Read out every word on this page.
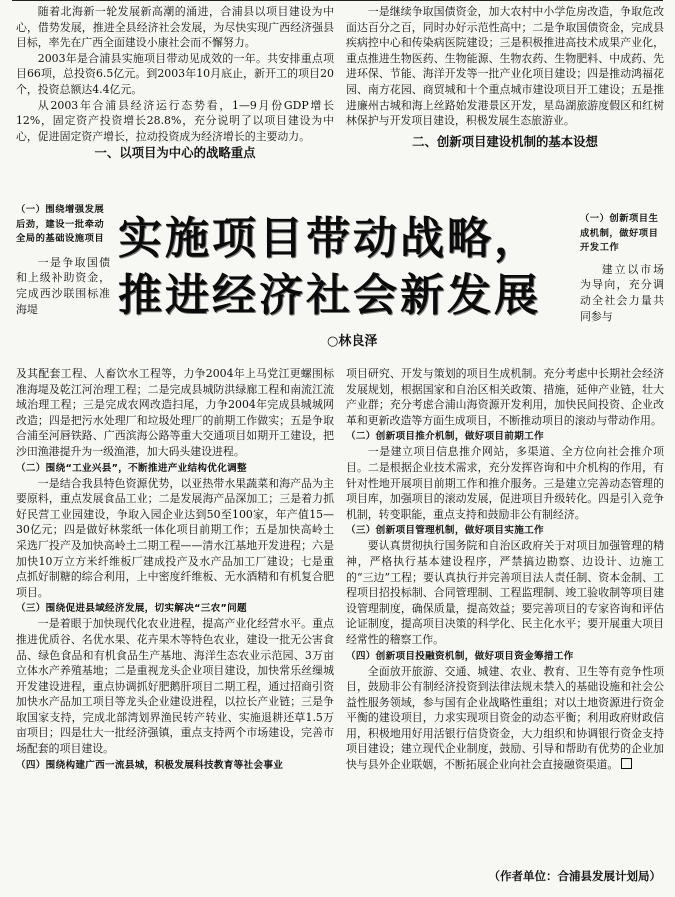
随着北海新一轮发展新高潮的涌进，合浦县以项目建设为中心，借势发展，推进全县经济社会发展，为尽快实现广西经济强县目标，率先在广西全面建设小康社会而不懈努力。

2003年是合浦县实施项目带动见成效的一年。共安排重点项目66项，总投资6.5亿元。到2003年10月底止，新开工的项目20个，投资总额达4.4亿元。

从2003年合浦县经济运行态势看，1—9月份GDP增长12%，固定资产投资增长28.8%，充分说明了以项目建设为中心，促进固定资产增长，拉动投资成为经济增长的主要动力。

一、以项目为中心的战略重点

一是继续争取国债资金，加大农村中小学危房改造，争取危改面达百分之百，同时办好示范性高中；二是争取国债资金，完成县疾病控中心和传染病医院建设；三是积极推进高技术成果产业化，重点推进生物医药、生物能源、生物农药、生物肥料、中成药、先进环保、节能、海洋开发等一批产业化项目建设；四是推动鸿福花园、南方花园、商贸城和十个重点城市建设项目开工建设；五是推进廉州古城和海上丝路始发港景区开发，星岛湖旅游度假区和红树林保护与开发项目建设，积极发展生态旅游业。

二、创新项目建设机制的基本设想

（一）围绕增强发展后劲，建设一批牵动全局的基础设施项目

一是争取国债和上级补助资金，完成西沙联围标准海堤

（一）创新项目生成机制，做好项目开发工作

建立以市场为导向，充分调动全社会力量共同参与

实施项目带动战略，
推进经济社会新发展
○林良泽

及其配套工程、人畜饮水工程等，力争2004年上马党江更螺围标准海堤及乾江河治理工程；二是完成县城防洪绿廊工程和南流江流域治理工程；三是完成农网改造扫尾，力争2004年完成县城城网改造；四是把污水处理厂和垃圾处理厂的前期工作做实；五是争取合浦至河唇铁路、广西滨海公路等重大交通项目如期开工建设，把沙田渔港提升为一级渔港，加大码头建设进程。

（二）围绕“工业兴县”，不断推进产业结构优化调整

一是结合我县特色资源优势，以亚热带水果蔬菜和海产品为主要原料，重点发展食品工业；二是发展海产品深加工；三是着力抓好民营工业园建设，争取入园企业达到50至100家，年产值15—30亿元；四是做好林浆纸一体化项目前期工作；五是加快高岭土采选厂投产及加快高岭土二期工程——清水江基地开发进程；六是加快10万立方米纤维板厂建成投产及水产品加工厂建设；七是重点抓好制糖的综合利用，上中密度纤维板、无水酒精和有机复合肥项目。

（三）围绕促进县域经济发展，切实解决“三农”问题

一是着眼于加快现代化农业进程，提高产业化经营水平。重点推进优质谷、名优水果、花卉果木等特色农业，建设一批无公害食品、绿色食品和有机食品生产基地、海洋生态农业示范园、3万亩立体水产养殖基地；二是重视龙头企业项目建设，加快常乐丝缫城开发建设进程，重点协调抓好肥鹅肝项目二期工程，通过招商引资加快水产品加工项目等龙头企业建设进程，以拉长产业链；三是争取国家支持，完成北部湾划界渔民转产转业、实施退耕还草1.5万亩项目；四是壮大一批经济强镇，重点支持两个市场建设，完善市场配套的项目建设。

（四）围绕构建广西一流县城，积极发展科技教育等社会事业

项目研究、开发与策划的项目生成机制。充分考虑中长期社会经济发展规划，根据国家和自治区相关政策、措施，延伸产业链，壮大产业群；充分考虑合浦山海资源开发利用，加快民间投资、企业改革和更新改造等方面生成项目，不断推动项目的滚动与带动作用。

（二）创新项目推介机制，做好项目前期工作

一是建立项目信息推介网站，多渠道、全方位向社会推介项目。二是根据企业技术需求，充分发挥咨询和中介机构的作用，有针对性地开展项目前期工作和推介服务。三是建立完善动态管理的项目库，加强项目的滚动发展，促进项目升级转化。四是引入竞争机制，转变职能，重点支持和鼓励非公有制经济。

（三）创新项目管理机制，做好项目实施工作

要认真贯彻执行国务院和自治区政府关于对项目加强管理的精神，严格执行基本建设程序，严禁搞边勘察、边设计、边施工的“三边”工程；要认真执行并完善项目法人责任制、资本金制、工程项目招投标制、合同管理制、工程监理制、竣工验收制等项目建设管理制度，确保质量，提高效益；要完善项目的专家咨询和评估论证制度，提高项目决策的科学化、民主化水平；要开展重大项目经常性的稽察工作。

（四）创新项目投融资机制，做好项目资金筹措工作

全面放开旅游、交通、城建、农业、教育、卫生等有竞争性项目，鼓励非公有制经济投资到法律法规未禁入的基础设施和社会公益性服务领域，参与国有企业战略性重组；对以土地资源进行资金平衡的建设项目，力求实现项目资金的动态平衡；利用政府财政信用，积极地用好用活银行信贷资金，大力组织和协调银行资金支持项目建设；建立现代企业制度，鼓励、引导和帮助有优势的企业加快与县外企业联姻，不断拓展企业向社会直接融资渠道。

（作者单位：合浦县发展计划局）
